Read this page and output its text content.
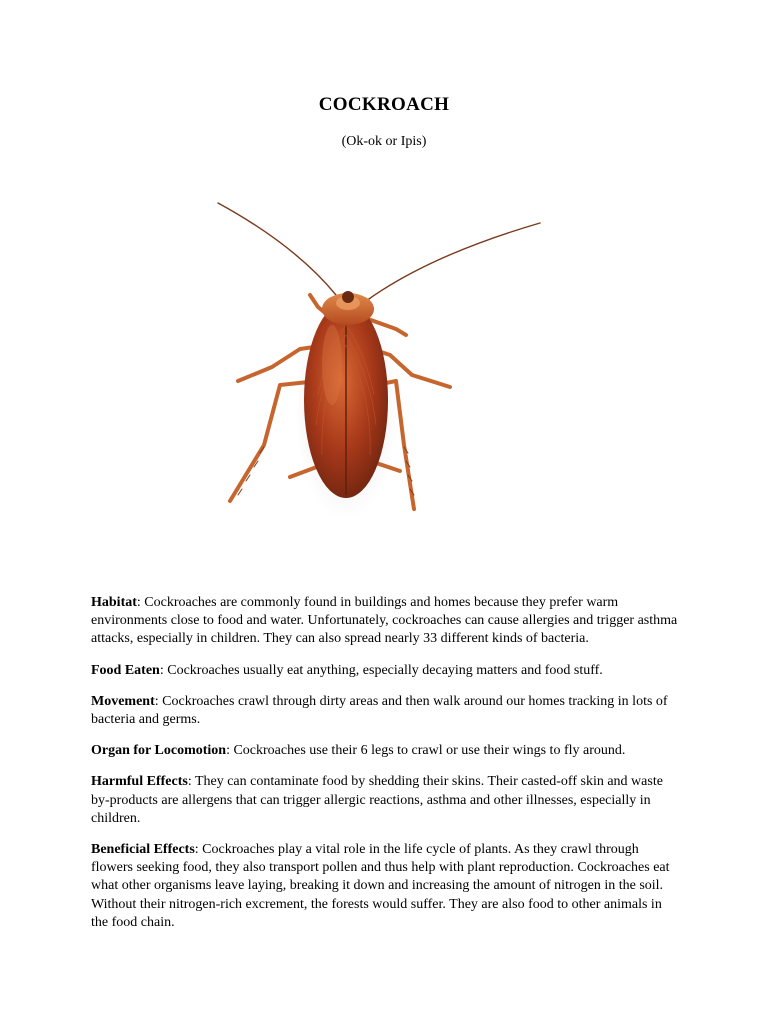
COCKROACH
(Ok-ok or Ipis)

Habitat: Cockroaches are commonly found in buildings and homes because they prefer warm environments close to food and water. Unfortunately, cockroaches can cause allergies and trigger asthma attacks, especially in children. They can also spread nearly 33 different kinds of bacteria.

Food Eaten: Cockroaches usually eat anything, especially decaying matters and food stuff.

Movement: Cockroaches crawl through dirty areas and then walk around our homes tracking in lots of bacteria and germs.

Organ for Locomotion: Cockroaches use their 6 legs to crawl or use their wings to fly around.

Harmful Effects: They can contaminate food by shedding their skins. Their casted-off skin and waste by-products are allergens that can trigger allergic reactions, asthma and other illnesses, especially in children.

Beneficial Effects: Cockroaches play a vital role in the life cycle of plants. As they crawl through flowers seeking food, they also transport pollen and thus help with plant reproduction. Cockroaches eat what other organisms leave laying, breaking it down and increasing the amount of nitrogen in the soil. Without their nitrogen-rich excrement, the forests would suffer. They are also food to other animals in the food chain.
